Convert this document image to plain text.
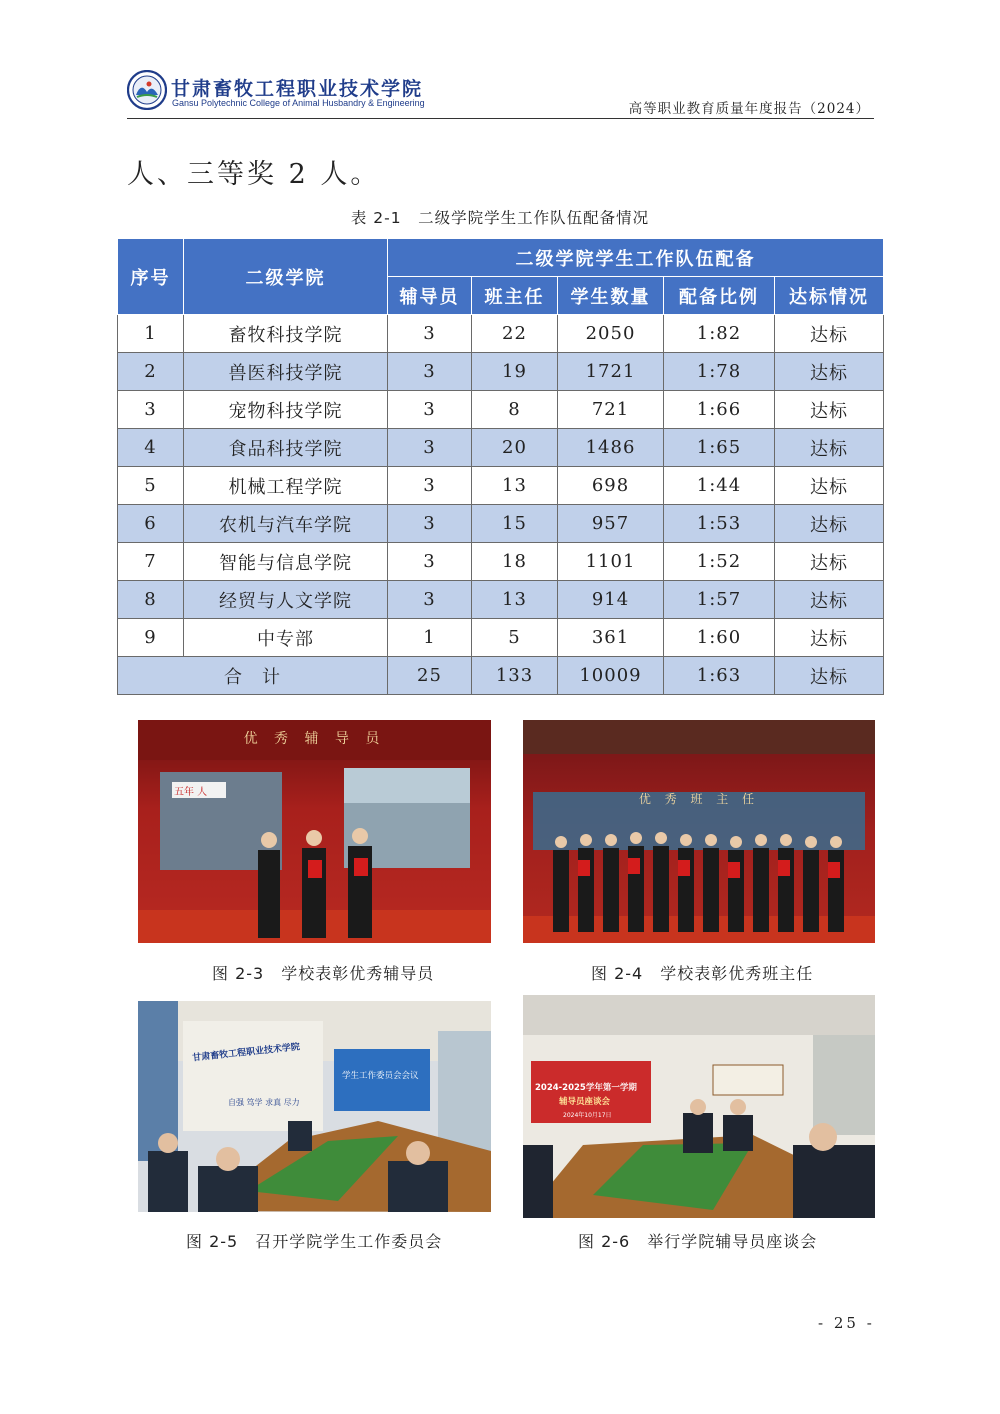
甘肃畜牧工程职业技术学院
Gansu Polytechnic College of Animal Husbandry & Engineering	高等职业教育质量年度报告（2024）
人、三等奖 2 人。
表 2-1　二级学院学生工作队伍配备情况
序号	二级学院	二级学院学生工作队伍配备				
		辅导员	班主任	学生数量	配备比例	达标情况
1	畜牧科技学院	3	22	2050	1:82	达标
2	兽医科技学院	3	19	1721	1:78	达标
3	宠物科技学院	3	8	721	1:66	达标
4	食品科技学院	3	20	1486	1:65	达标
5	机械工程学院	3	13	698	1:44	达标
6	农机与汽车学院	3	15	957	1:53	达标
7	智能与信息学院	3	18	1101	1:52	达标
8	经贸与人文学院	3	13	914	1:57	达标
9	中专部	1	5	361	1:60	达标
合　计		25	133	10009	1:63	达标
优 秀 辅 导 员
五年 人
图 2-3　学校表彰优秀辅导员
优 秀 班 主 任
图 2-4　学校表彰优秀班主任
甘肃畜牧工程职业技术学院
自强 笃学 求真 尽力
学生工作委员会会议
图 2-5　召开学院学生工作委员会
2024-2025学年第一学期
辅导员座谈会
2024年10月17日
图 2-6　举行学院辅导员座谈会
- 25 -
